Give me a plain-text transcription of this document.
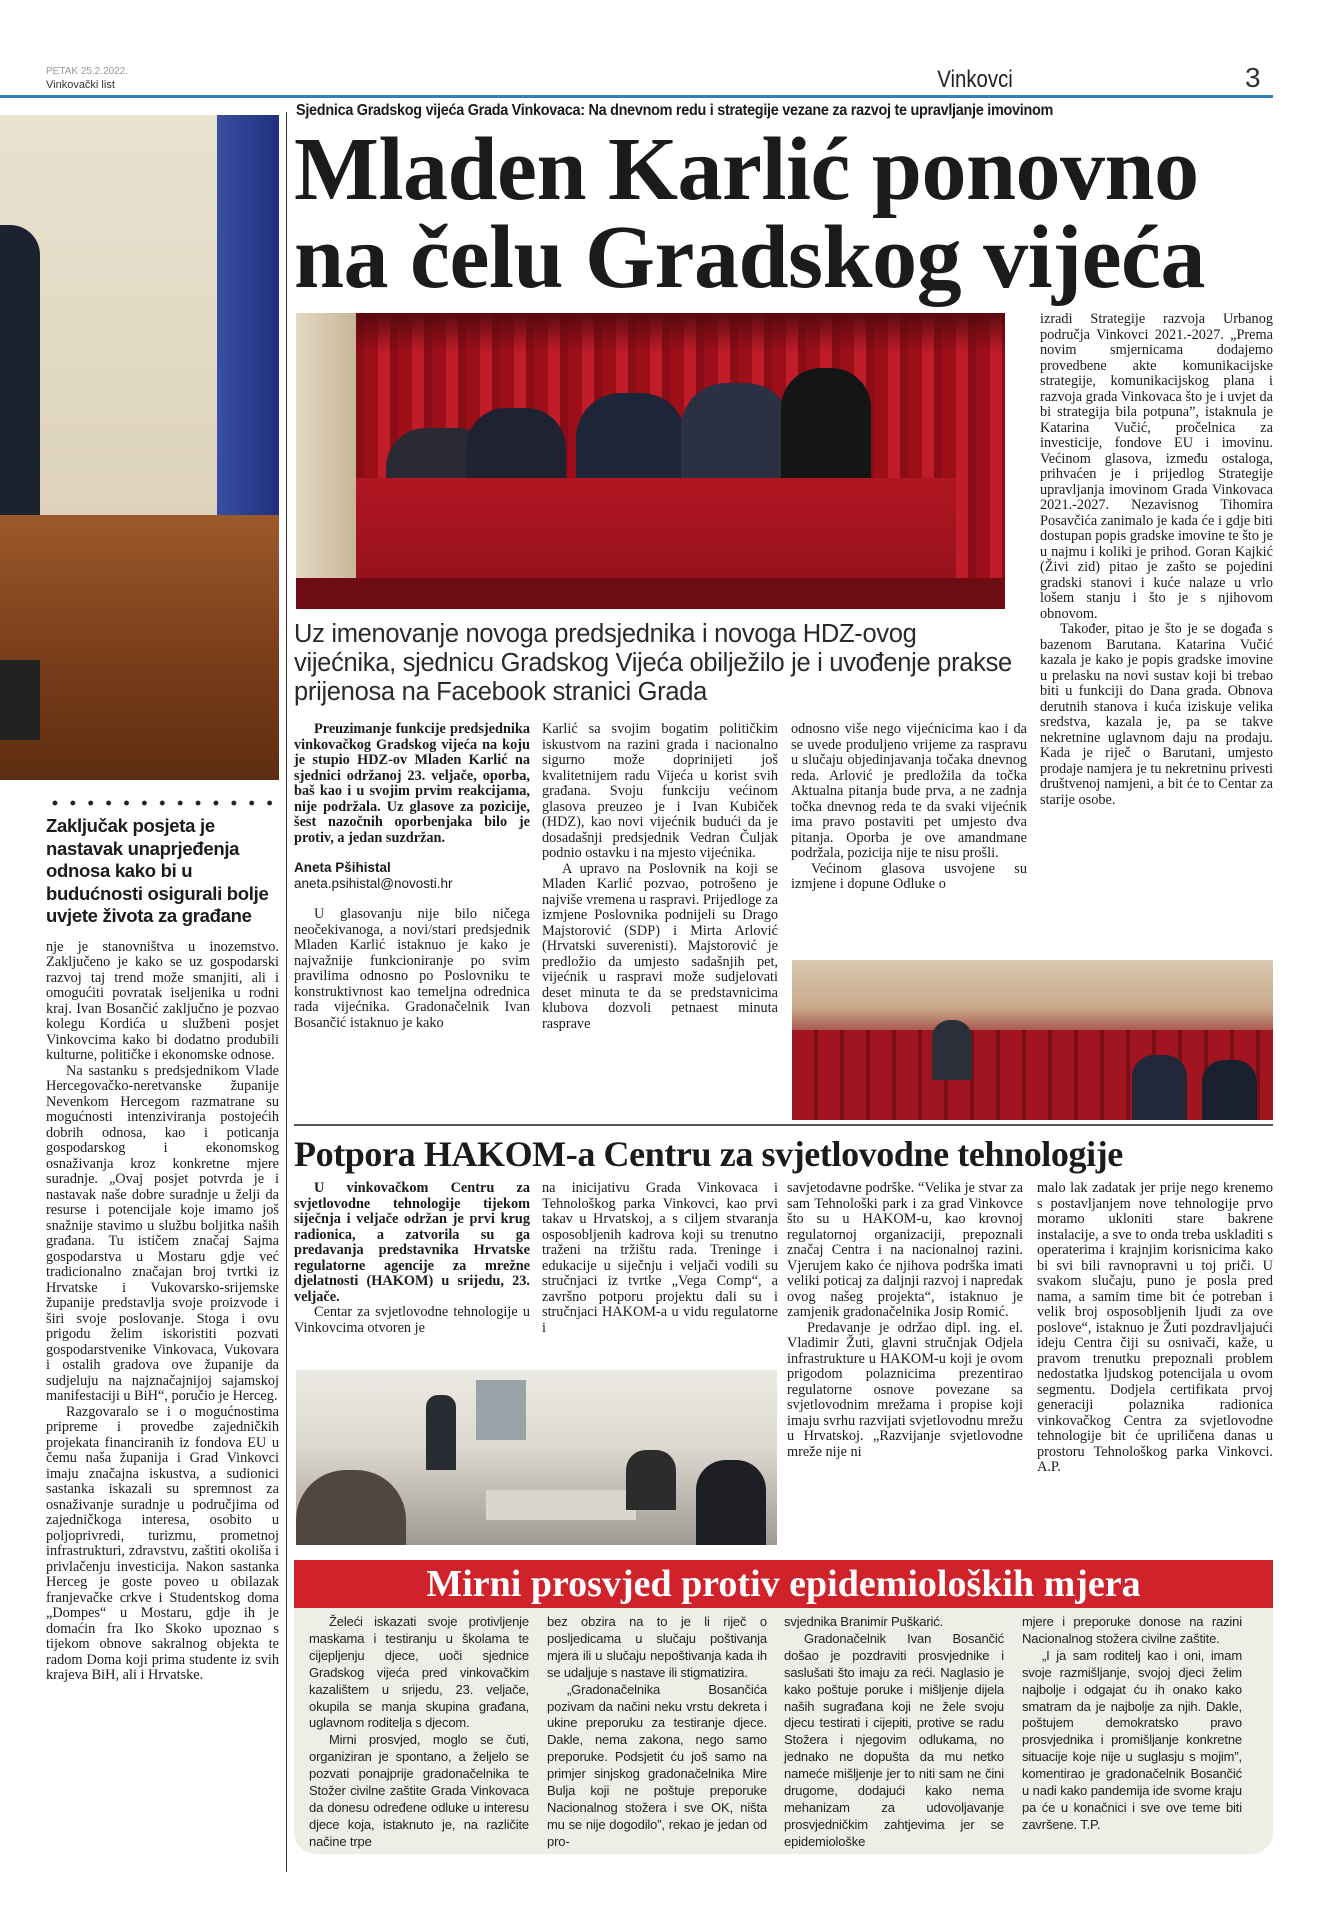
PETAK 25.2.2022.
Vinkovački list	Vinkovci	3
Zaključak posjeta je nastavak unaprjeđenja odnosa kako bi u budućnosti osigurali bolje uvjete života za građane

nje je stanovništva u inozemstvo. Zaključeno je kako se uz gospodarski razvoj taj trend može smanjiti, ali i omogućiti povratak iseljenika u rodni kraj. Ivan Bosančić zaključno je pozvao kolegu Kordića u službeni posjet Vinkovcima kako bi dodatno produbili kulturne, političke i ekonomske odnose.

Na sastanku s predsjednikom Vlade Hercegovačko-neretvanske županije Nevenkom Hercegom razmatrane su mogućnosti intenziviranja postojećih dobrih odnosa, kao i poticanja gospodarskog i ekonomskog osnaživanja kroz konkretne mjere suradnje. „Ovaj posjet potvrda je i nastavak naše dobre suradnje u želji da resurse i potencijale koje imamo još snažnije stavimo u službu boljitka naših građana. Tu ističem značaj Sajma gospodarstva u Mostaru gdje već tradicionalno značajan broj tvrtki iz Hrvatske i Vukovarsko-srijemske županije predstavlja svoje proizvode i širi svoje poslovanje. Stoga i ovu prigodu želim iskoristiti pozvati gospodarstvenike Vinkovaca, Vukovara i ostalih gradova ove županije da sudjeluju na najznačajnijoj sajamskoj manifestaciji u BiH“, poručio je Herceg.

Razgovaralo se i o mogućnostima pripreme i provedbe zajedničkih projekata financiranih iz fondova EU u čemu naša županija i Grad Vinkovci imaju značajna iskustva, a sudionici sastanka iskazali su spremnost za osnaživanje suradnje u područjima od zajedničkoga interesa, osobito u poljoprivredi, turizmu, prometnoj infrastrukturi, zdravstvu, zaštiti okoliša i privlačenju investicija. Nakon sastanka Herceg je goste poveo u obilazak franjevačke crkve i Studentskog doma „Dompes“ u Mostaru, gdje ih je domaćin fra Iko Skoko upoznao s tijekom obnove sakralnog objekta te radom Doma koji prima studente iz svih krajeva BiH, ali i Hrvatske.

Sjednica Gradskog vijeća Grada Vinkovaca: Na dnevnom redu i strategije vezane za razvoj te upravljanje imovinom
Mladen Karlić ponovno
na čelu Gradskog vijeća

izradi Strategije razvoja Urbanog područja Vinkovci 2021.-2027. „Prema novim smjernicama dodajemo provedbene akte komunikacijske strategije, komunikacijskog plana i razvoja grada Vinkovaca što je i uvjet da bi strategija bila potpuna”, istaknula je Katarina Vučić, pročelnica za investicije, fondove EU i imovinu. Većinom glasova, između ostaloga, prihvaćen je i prijedlog Strategije upravljanja imovinom Grada Vinkovaca 2021.-2027. Nezavisnog Tihomira Posavčića zanimalo je kada će i gdje biti dostupan popis gradske imovine te što je u najmu i koliki je prihod. Goran Kajkić (Živi zid) pitao je zašto se pojedini gradski stanovi i kuće nalaze u vrlo lošem stanju i što je s njihovom obnovom.

Također, pitao je što je se događa s bazenom Barutana. Katarina Vučić kazala je kako je popis gradske imovine u prelasku na novi sustav koji bi trebao biti u funkciji do Dana grada. Obnova derutnih stanova i kuća iziskuje velika sredstva, kazala je, pa se takve nekretnine uglavnom daju na prodaju. Kada je riječ o Barutani, umjesto prodaje namjera je tu nekretninu privesti društvenoj namjeni, a bit će to Centar za starije osobe.

Uz imenovanje novoga predsjednika i novoga HDZ-ovog vijećnika, sjednicu Gradskog Vijeća obilježilo je i uvođenje prakse prijenosa na Facebook stranici Grada

Preuzimanje funkcije predsjednika vinkovačkog Gradskog vijeća na koju je stupio HDZ-ov Mladen Karlić na sjednici održanoj 23. veljače, oporba, baš kao i u svojim prvim reakcijama, nije podržala. Uz glasove za pozicije, šest nazočnih oporbenjaka bilo je protiv, a jedan suzdržan.

Aneta Pšihistal
aneta.psihistal@novosti.hr

U glasovanju nije bilo ničega neočekivanoga, a novi/stari predsjednik Mladen Karlić istaknuo je kako je najvažnije funkcioniranje po svim pravilima odnosno po Poslovniku te konstruktivnost kao temeljna odrednica rada vijećnika. Gradonačelnik Ivan Bosančić istaknuo je kako

Karlić sa svojim bogatim političkim iskustvom na razini grada i nacionalno sigurno može doprinijeti još kvalitetnijem radu Vijeća u korist svih građana. Svoju funkciju većinom glasova preuzeo je i Ivan Kubiček (HDZ), kao novi vijećnik budući da je dosadašnji predsjednik Vedran Čuljak podnio ostavku i na mjesto vijećnika.

A upravo na Poslovnik na koji se Mladen Karlić pozvao, potrošeno je najviše vremena u raspravi. Prijedloge za izmjene Poslovnika podnijeli su Drago Majstorović (SDP) i Mirta Arlović (Hrvatski suverenisti). Majstorović je predložio da umjesto sadašnjih pet, vijećnik u raspravi može sudjelovati deset minuta te da se predstavnicima klubova dozvoli petnaest minuta rasprave

odnosno više nego vijećnicima kao i da se uvede produljeno vrijeme za raspravu u slučaju objedinjavanja točaka dnevnog reda. Arlović je predložila da točka Aktualna pitanja bude prva, a ne zadnja točka dnevnog reda te da svaki vijećnik ima pravo postaviti pet umjesto dva pitanja. Oporba je ove amandmane podržala, pozicija nije te nisu prošli.

Većinom glasova usvojene su izmjene i dopune Odluke o

Potpora HAKOM-a Centru za svjetlovodne tehnologije

U vinkovačkom Centru za svjetlovodne tehnologije tijekom siječnja i veljače održan je prvi krug radionica, a zatvorila su ga predavanja predstavnika Hrvatske regulatorne agencije za mrežne djelatnosti (HAKOM) u srijedu, 23. veljače.

Centar za svjetlovodne tehnologije u Vinkovcima otvoren je

na inicijativu Grada Vinkovaca i Tehnološkog parka Vinkovci, kao prvi takav u Hrvatskoj, a s ciljem stvaranja osposobljenih kadrova koji su trenutno traženi na tržištu rada. Treninge i edukacije u siječnju i veljači vodili su stručnjaci iz tvrtke „Vega Comp“, a završno potporu projektu dali su i stručnjaci HAKOM-a u vidu regulatorne i

savjetodavne podrške. “Velika je stvar za sam Tehnološki park i za grad Vinkovce što su u HAKOM-u, kao krovnoj regulatornoj organizaciji, prepoznali značaj Centra i na nacionalnoj razini. Vjerujem kako će njihova podrška imati veliki poticaj za daljnji razvoj i napredak ovog našeg projekta“, istaknuo je zamjenik gradonačelnika Josip Romić.

Predavanje je održao dipl. ing. el. Vladimir Žuti, glavni stručnjak Odjela infrastrukture u HAKOM-u koji je ovom prigodom polaznicima prezentirao regulatorne osnove povezane sa svjetlovodnim mrežama i propise koji imaju svrhu razvijati svjetlovodnu mrežu u Hrvatskoj. „Razvijanje svjetlovodne mreže nije ni

malo lak zadatak jer prije nego krenemo s postavljanjem nove tehnologije prvo moramo ukloniti stare bakrene instalacije, a sve to onda treba uskladiti s operaterima i krajnjim korisnicima kako bi svi bili ravnopravni u toj priči. U svakom slučaju, puno je posla pred nama, a samim time bit će potreban i velik broj osposobljenih ljudi za ove poslove“, istaknuo je Žuti pozdravljajući ideju Centra čiji su osnivači, kaže, u pravom trenutku prepoznali problem nedostatka ljudskog potencijala u ovom segmentu. Dodjela certifikata prvoj generaciji polaznika radionica vinkovačkog Centra za svjetlovodne tehnologije bit će upriličena danas u prostoru Tehnološkog parka Vinkovci. A.P.

Mirni prosvjed protiv epidemioloških mjera

Želeći iskazati svoje protivljenje maskama i testiranju u školama te cijepljenju djece, uoči sjednice Gradskog vijeća pred vinkovačkim kazalištem u srijedu, 23. veljače, okupila se manja skupina građana, uglavnom roditelja s djecom.

Mirni prosvjed, moglo se čuti, organiziran je spontano, a željelo se pozvati ponajprije gradonačelnika te Stožer civilne zaštite Grada Vinkovaca da donesu određene odluke u interesu djece koja, istaknuto je, na različite načine trpe

bez obzira na to je li riječ o posljedicama u slučaju poštivanja mjera ili u slučaju nepoštivanja kada ih se udaljuje s nastave ili stigmatizira.

„Gradonačelnika Bosančića pozivam da načini neku vrstu dekreta i ukine preporuku za testiranje djece. Dakle, nema zakona, nego samo preporuke. Podsjetit ću još samo na primjer sinjskog gradonačelnika Mire Bulja koji ne poštuje preporuke Nacionalnog stožera i sve OK, ništa mu se nije dogodilo”, rekao je jedan od pro-

svjednika Branimir Puškarić.

Gradonačelnik Ivan Bosančić došao je pozdraviti prosvjednike i saslušati što imaju za reći. Naglasio je kako poštuje poruke i mišljenje dijela naših sugrađana koji ne žele svoju djecu testirati i cijepiti, protive se radu Stožera i njegovim odlukama, no jednako ne dopušta da mu netko nameće mišljenje jer to niti sam ne čini drugome, dodajući kako nema mehanizam za udovoljavanje prosvjedničkim zahtjevima jer se epidemiološke

mjere i preporuke donose na razini Nacionalnog stožera civilne zaštite.

„I ja sam roditelj kao i oni, imam svoje razmišljanje, svojoj djeci želim najbolje i odgajat ću ih onako kako smatram da je najbolje za njih. Dakle, poštujem demokratsko pravo prosvjednika i promišljanje konkretne situacije koje nije u suglasju s mojim”, komentirao je gradonačelnik Bosančić u nadi kako pandemija ide svome kraju pa će u konačnici i sve ove teme biti završene. T.P.
